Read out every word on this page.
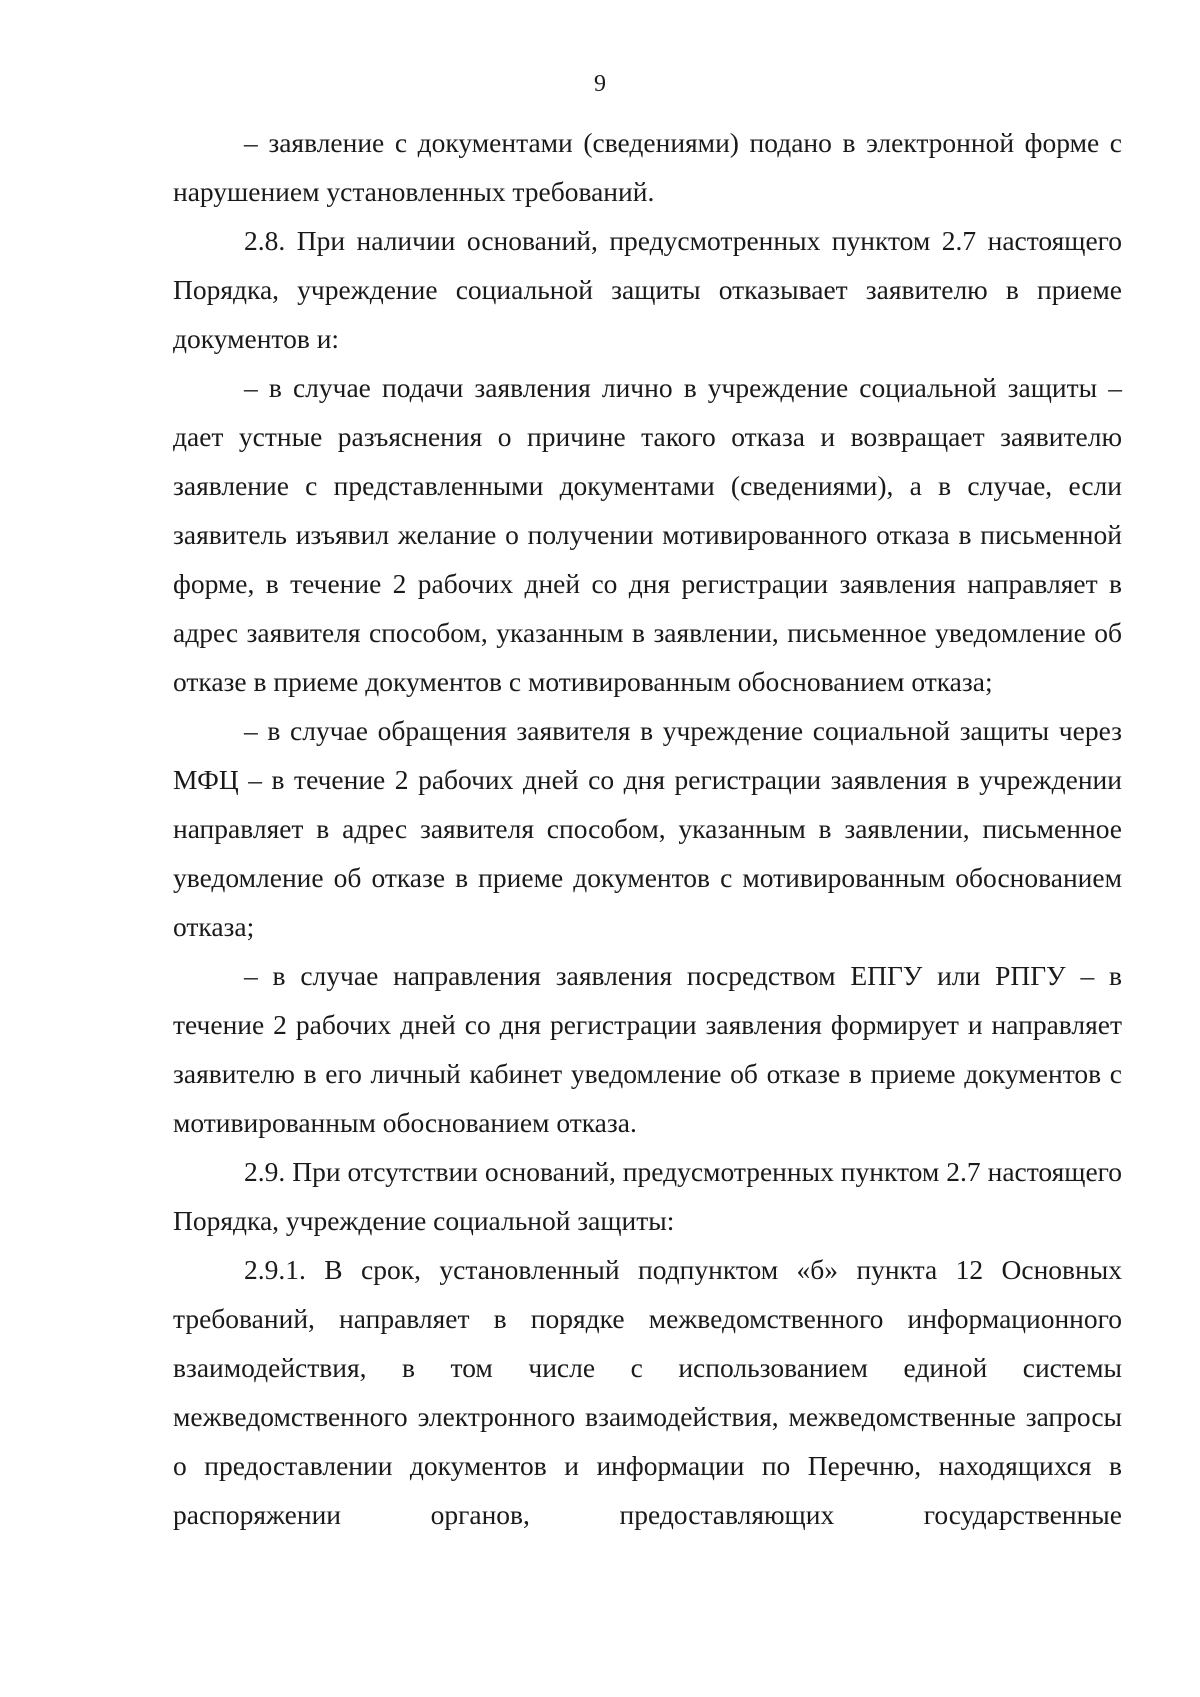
9

– заявление с документами (сведениями) подано в электронной форме с нарушением установленных требований.

2.8. При наличии оснований, предусмотренных пунктом 2.7 настоящего Порядка, учреждение социальной защиты отказывает заявителю в приеме документов и:

– в случае подачи заявления лично в учреждение социальной защиты – дает устные разъяснения о причине такого отказа и возвращает заявителю заявление с представленными документами (сведениями), а в случае, если заявитель изъявил желание о получении мотивированного отказа в письменной форме, в течение 2 рабочих дней со дня регистрации заявления направляет в адрес заявителя способом, указанным в заявлении, письменное уведомление об отказе в приеме документов с мотивированным обоснованием отказа;

– в случае обращения заявителя в учреждение социальной защиты через МФЦ – в течение 2 рабочих дней со дня регистрации заявления в учреждении направляет в адрес заявителя способом, указанным в заявлении, письменное уведомление об отказе в приеме документов с мотивированным обоснованием отказа;

– в случае направления заявления посредством ЕПГУ или РПГУ – в течение 2 рабочих дней со дня регистрации заявления формирует и направляет заявителю в его личный кабинет уведомление об отказе в приеме документов с мотивированным обоснованием отказа.

2.9. При отсутствии оснований, предусмотренных пунктом 2.7 настоящего Порядка, учреждение социальной защиты:

2.9.1. В срок, установленный подпунктом «б» пункта 12 Основных требований, направляет в порядке межведомственного информационного взаимодействия, в том числе с использованием единой системы межведомственного электронного взаимодействия, межведомственные запросы о предоставлении документов и информации по Перечню, находящихся в распоряжении органов, предоставляющих государственные
